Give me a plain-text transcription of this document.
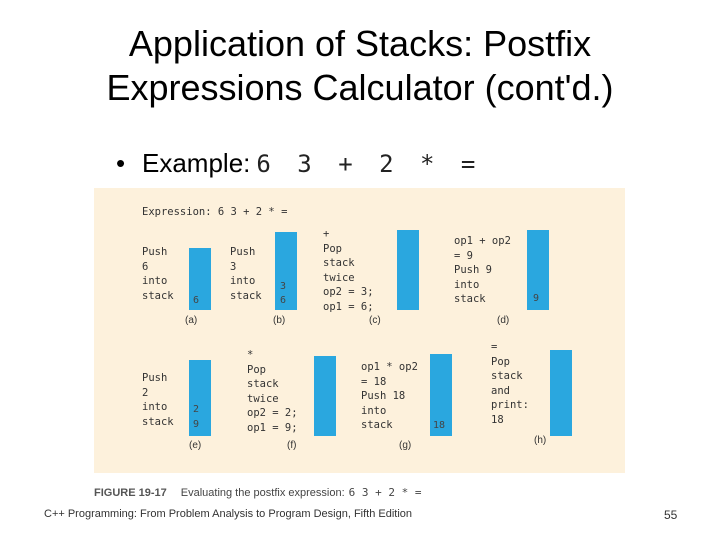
Application of Stacks: Postfix
Expressions Calculator (cont'd.)
• Example: 6 3 + 2 * =
Expression: 6 3 + 2 * =
Push
6
into
stack 6
(a)
Push
3
into
stack
3
6
(b)
+
Pop
stack
twice
op2 = 3;
op1 = 6;
(c)
op1 + op2
= 9
Push 9
into
stack	9
(d)
Push
2
into
stack
2
9
(e)
*
Pop
stack
twice
op2 = 2;
op1 = 9;
(f)
op1 * op2
= 18
Push 18
into
stack	18
(g)
=
Pop
stack
and
print:
18
(h)
FIGURE 19-17 Evaluating the postfix expression: 6 3 + 2 * =
C++ Programming: From Problem Analysis to Program Design, Fifth Edition	55
